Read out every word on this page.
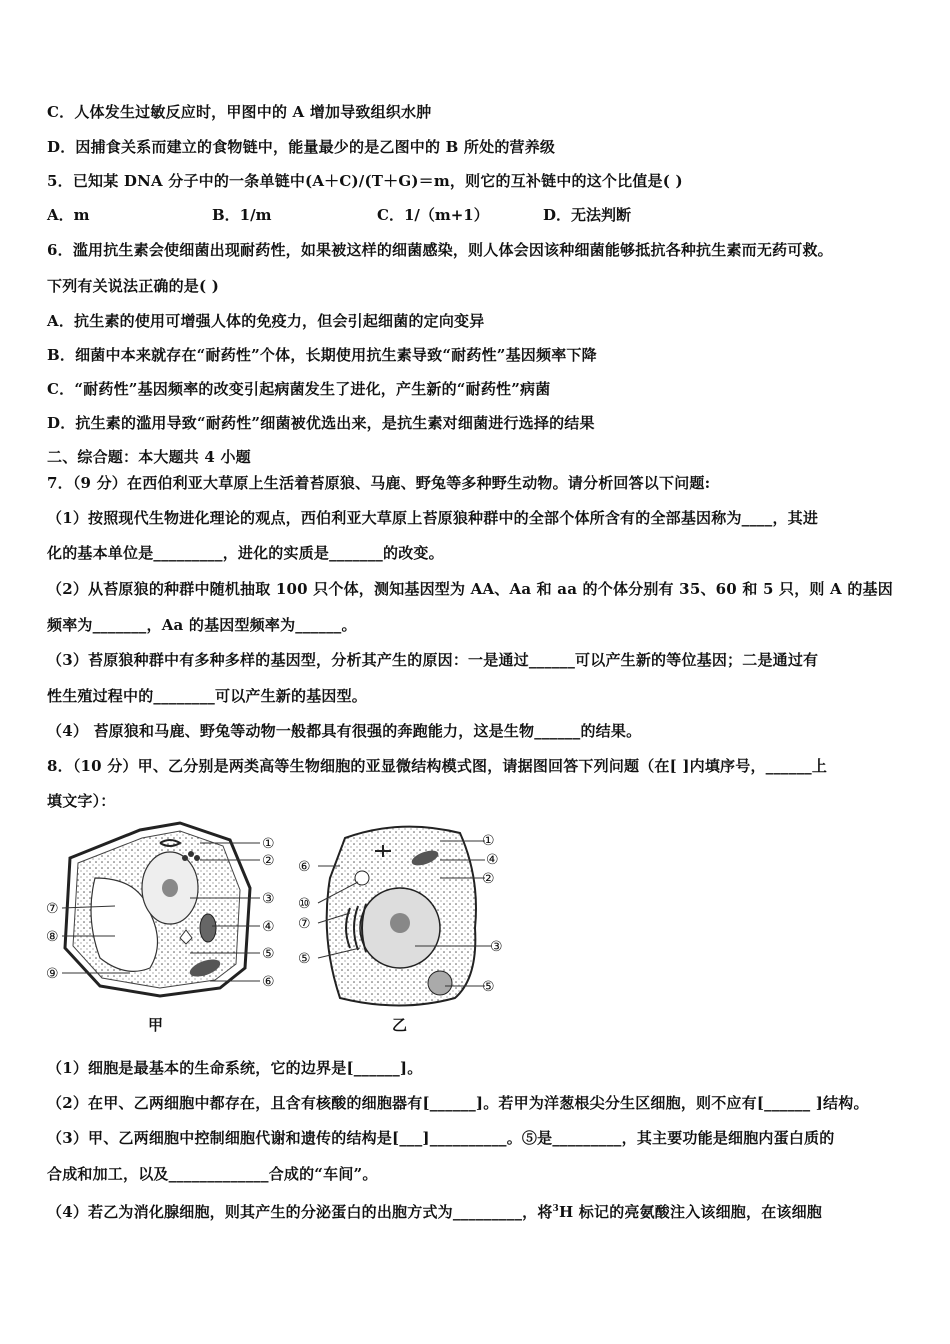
C．人体发生过敏反应时，甲图中的 A 增加导致组织水肿
D．因捕食关系而建立的食物链中，能量最少的是乙图中的 B 所处的营养级
5．已知某 DNA 分子中的一条单链中(A＋C)/(T＋G)＝m，则它的互补链中的这个比值是( )
A．m	B．1/m	C．1/（m+1）	D．无法判断
6．滥用抗生素会使细菌出现耐药性，如果被这样的细菌感染，则人体会因该种细菌能够抵抗各种抗生素而无药可救。
下列有关说法正确的是( )
A．抗生素的使用可增强人体的免疫力，但会引起细菌的定向变异
B．细菌中本来就存在“耐药性”个体，长期使用抗生素导致“耐药性”基因频率下降
C．“耐药性”基因频率的改变引起病菌发生了进化，产生新的“耐药性”病菌
D．抗生素的滥用导致“耐药性”细菌被优选出来，是抗生素对细菌进行选择的结果
二、综合题：本大题共 4 小题
7．（9 分）在西伯利亚大草原上生活着苔原狼、马鹿、野兔等多种野生动物。请分析回答以下问题:
（1）按照现代生物进化理论的观点，西伯利亚大草原上苔原狼种群中的全部个体所含有的全部基因称为____，其进
化的基本单位是_________，进化的实质是_______的改变。
（2）从苔原狼的种群中随机抽取 100 只个体，测知基因型为 AA、Aa 和 aa 的个体分别有 35、60 和 5 只，则 A 的基因
频率为_______，Aa 的基因型频率为______。
（3）苔原狼种群中有多种多样的基因型，分析其产生的原因：一是通过______可以产生新的等位基因；二是通过有
性生殖过程中的________可以产生新的基因型。
（4） 苔原狼和马鹿、野兔等动物一般都具有很强的奔跑能力，这是生物______的结果。
8．（10 分）甲、乙分别是两类高等生物细胞的亚显微结构模式图，请据图回答下列问题（在[ ]内填序号，______上
填文字）：
①
②
③
④
⑤
⑥
⑦
⑧
⑨
①
④
②
⑥
⑩
⑦
⑤
③
⑤
甲	乙
（1）细胞是最基本的生命系统，它的边界是[______]。
（2）在甲、乙两细胞中都存在，且含有核酸的细胞器有[______]。若甲为洋葱根尖分生区细胞，则不应有[______ ]结构。
（3）甲、乙两细胞中控制细胞代谢和遗传的结构是[___]__________。⑤是_________，其主要功能是细胞内蛋白质的
合成和加工，以及_____________合成的“车间”。
（4）若乙为消化腺细胞，则其产生的分泌蛋白的出胞方式为_________，将$^3$H 标记的亮氨酸注入该细胞，在该细胞
